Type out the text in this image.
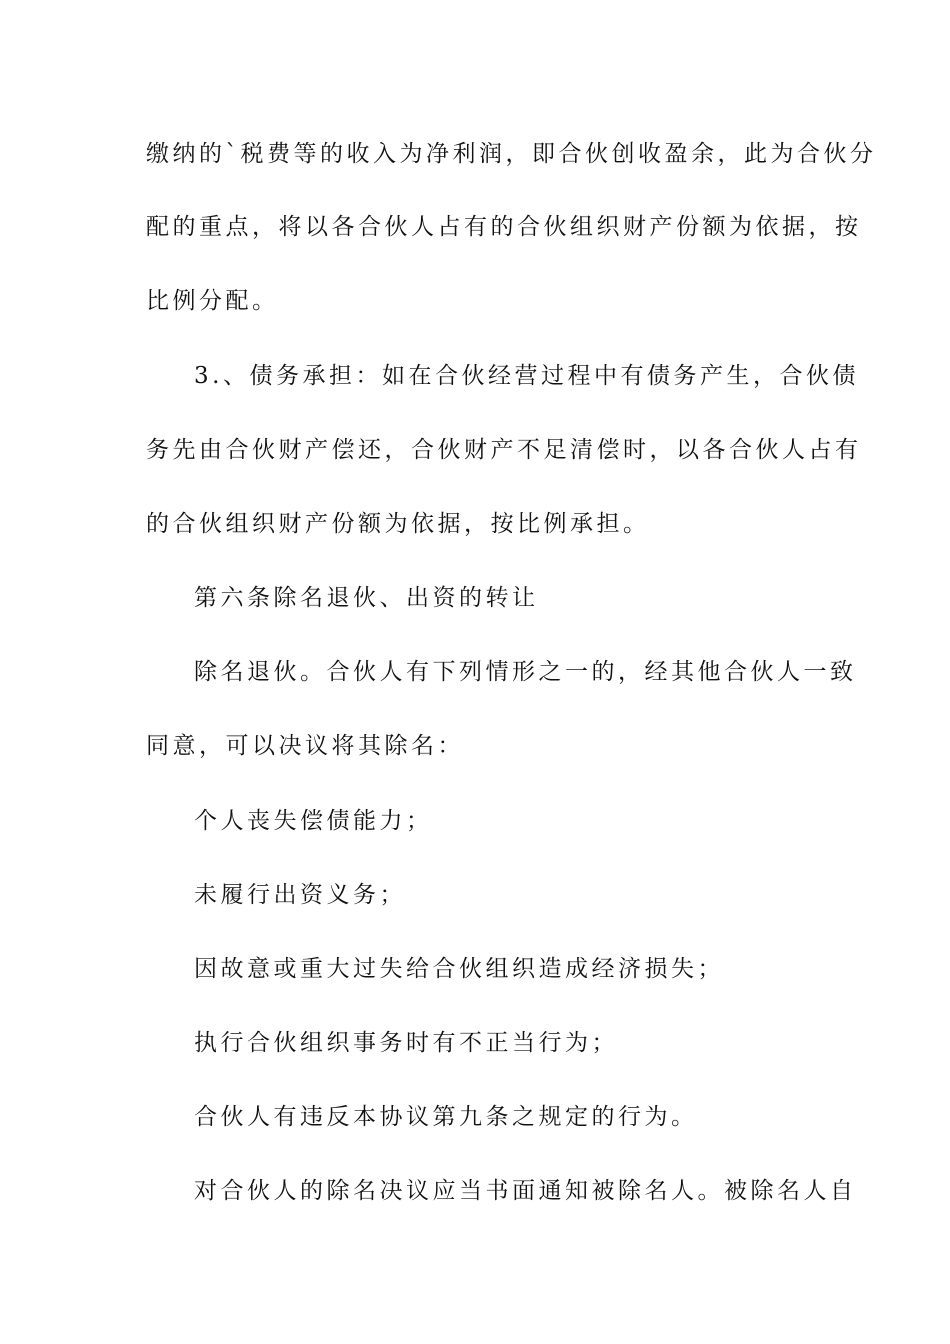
缴纳的`税费等的收入为净利润，即合伙创收盈余，此为合伙分
配的重点，将以各合伙人占有的合伙组织财产份额为依据，按
比例分配。
3.、债务承担：如在合伙经营过程中有债务产生，合伙债
务先由合伙财产偿还，合伙财产不足清偿时，以各合伙人占有
的合伙组织财产份额为依据，按比例承担。
第六条除名退伙、出资的转让
除名退伙。合伙人有下列情形之一的，经其他合伙人一致
同意，可以决议将其除名：
个人丧失偿债能力；
未履行出资义务；
因故意或重大过失给合伙组织造成经济损失；
执行合伙组织事务时有不正当行为；
合伙人有违反本协议第九条之规定的行为。
对合伙人的除名决议应当书面通知被除名人。被除名人自
